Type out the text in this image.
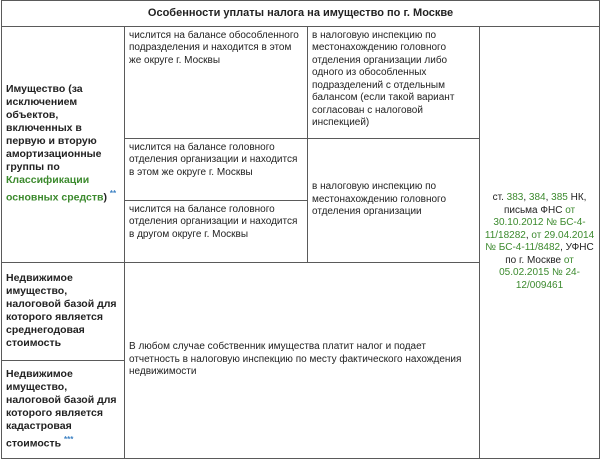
Особенности уплаты налога на имущество по г. Москве			
Имущество (за исключением объектов, включенных в первую и вторую амортизационные группы по Классификации основных средств) **	числится на балансе обособленного подразделения и находится в этом же округе г. Москвы	в налоговую инспекцию по местонахождению головного отделения организации либо одного из обособленных подразделений с отдельным балансом (если такой вариант согласован с налоговой инспекцией)	ст. 383, 384, 385 НК, письма ФНС от 30.10.2012 № БС-4-11/18282, от 29.04.2014 № БС-4-11/8482, УФНС по г. Москве от 05.02.2015 № 24-12/009461
	числится на балансе головного отделения организации и находится в этом же округе г. Москвы	в налоговую инспекцию по местонахождению головного отделения организации	
	числится на балансе головного отделения организации и находится в другом округе г. Москвы		
Недвижимое имущество, налоговой базой для которого является среднегодовая стоимость	В любом случае собственник имущества платит налог и подает отчетность в налоговую инспекцию по месту фактического нахождения недвижимости		
Недвижимое имущество, налоговой базой для которого является кадастровая стоимость ***
